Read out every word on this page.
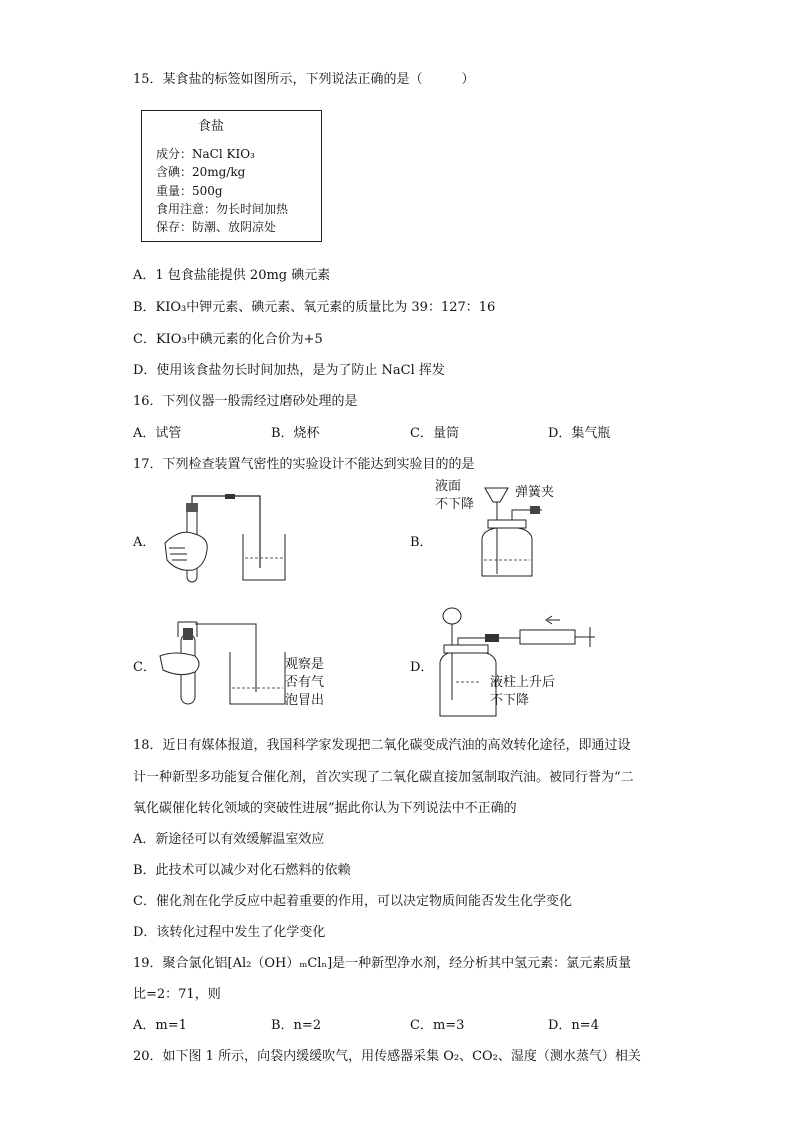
15．某食盐的标签如图所示，下列说法正确的是（　　　）
食盐
成分：NaCl KIO₃
含碘：20mg/kg
重量：500g
食用注意：勿长时间加热
保存：防潮、放阴凉处
A．1 包食盐能提供 20mg 碘元素
B．KIO₃中钾元素、碘元素、氧元素的质量比为 39：127：16
C．KIO₃中碘元素的化合价为+5
D．使用该食盐勿长时间加热，是为了防止 NaCl 挥发
16．下列仪器一般需经过磨砂处理的是
A．试管	B．烧杯	C．量筒	D．集气瓶
17．下列检查装置气密性的实验设计不能达到实验目的的是
A．	B．
C．	D．
液面
不下降
弹簧夹
观察是
否有气
泡冒出
液柱上升后
不下降
18．近日有媒体报道，我国科学家发现把二氧化碳变成汽油的高效转化途径，即通过设
计一种新型多功能复合催化剂，首次实现了二氧化碳直接加氢制取汽油。被同行誉为“二
氧化碳催化转化领域的突破性进展”据此你认为下列说法中不正确的
A．新途径可以有效缓解温室效应
B．此技术可以减少对化石燃料的依赖
C．催化剂在化学反应中起着重要的作用，可以决定物质间能否发生化学变化
D．该转化过程中发生了化学变化
19．聚合氯化铝[Al₂（OH）ₘClₙ]是一种新型净水剂，经分析其中氢元素：氯元素质量
比=2：71，则
A．m=1	B．n=2	C．m=3	D．n=4
20．如下图 1 所示，向袋内缓缓吹气，用传感器采集 O₂、CO₂、湿度（测水蒸气）相关
